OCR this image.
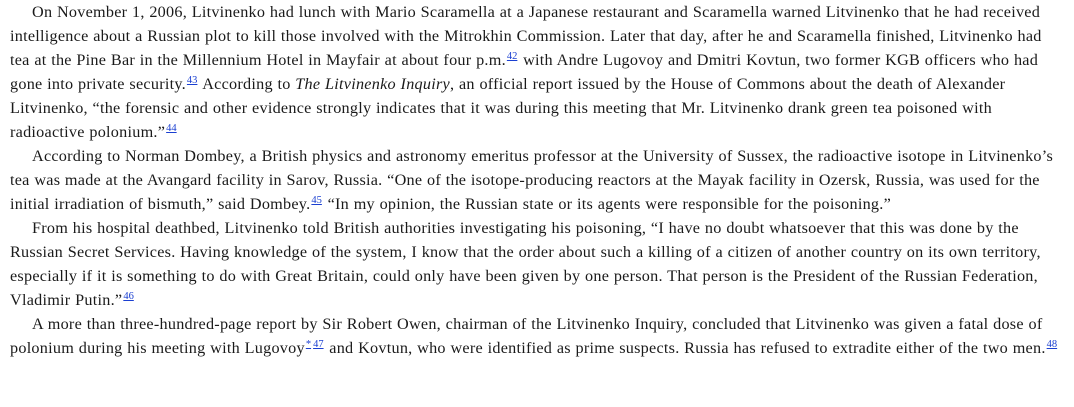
On November 1, 2006, Litvinenko had lunch with Mario Scaramella at a Japanese restaurant and Scaramella warned Litvinenko that he had received intelligence about a Russian plot to kill those involved with the Mitrokhin Commission. Later that day, after he and Scaramella finished, Litvinenko had tea at the Pine Bar in the Millennium Hotel in Mayfair at about four p.m.$^{42}$ with Andre Lugovoy and Dmitri Kovtun, two former KGB officers who had gone into private security.$^{43}$ According to The Litvinenko Inquiry, an official report issued by the House of Commons about the death of Alexander Litvinenko, “the forensic and other evidence strongly indicates that it was during this meeting that Mr. Litvinenko drank green tea poisoned with radioactive polonium.”$^{44}$

According to Norman Dombey, a British physics and astronomy emeritus professor at the University of Sussex, the radioactive isotope in Litvinenko’s tea was made at the Avangard facility in Sarov, Russia. “One of the isotope-producing reactors at the Mayak facility in Ozersk, Russia, was used for the initial irradiation of bismuth,” said Dombey.$^{45}$ “In my opinion, the Russian state or its agents were responsible for the poisoning.”

From his hospital deathbed, Litvinenko told British authorities investigating his poisoning, “I have no doubt whatsoever that this was done by the Russian Secret Services. Having knowledge of the system, I know that the order about such a killing of a citizen of another country on its own territory, especially if it is something to do with Great Britain, could only have been given by one person. That person is the President of the Russian Federation, Vladimir Putin.”$^{46}$

A more than three-hundred-page report by Sir Robert Owen, chairman of the Litvinenko Inquiry, concluded that Litvinenko was given a fatal dose of polonium during his meeting with Lugovoy* $^{47}$ and Kovtun, who were identified as prime suspects. Russia has refused to extradite either of the two men.$^{48}$
